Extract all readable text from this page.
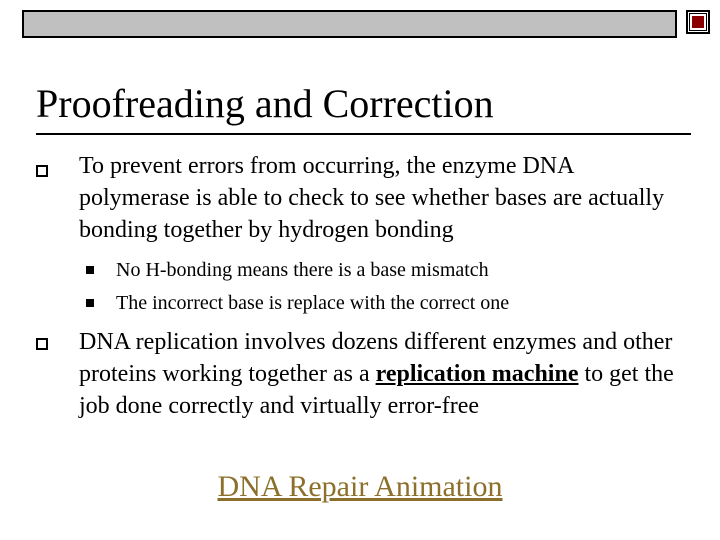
Proofreading and Correction
To prevent errors from occurring, the enzyme DNA polymerase is able to check to see whether bases are actually bonding together by hydrogen bonding
No H-bonding means there is a base mismatch
The incorrect base is replace with the correct one
DNA replication involves dozens different enzymes and other proteins working together as a replication machine to get the job done correctly and virtually error-free
DNA Repair Animation
